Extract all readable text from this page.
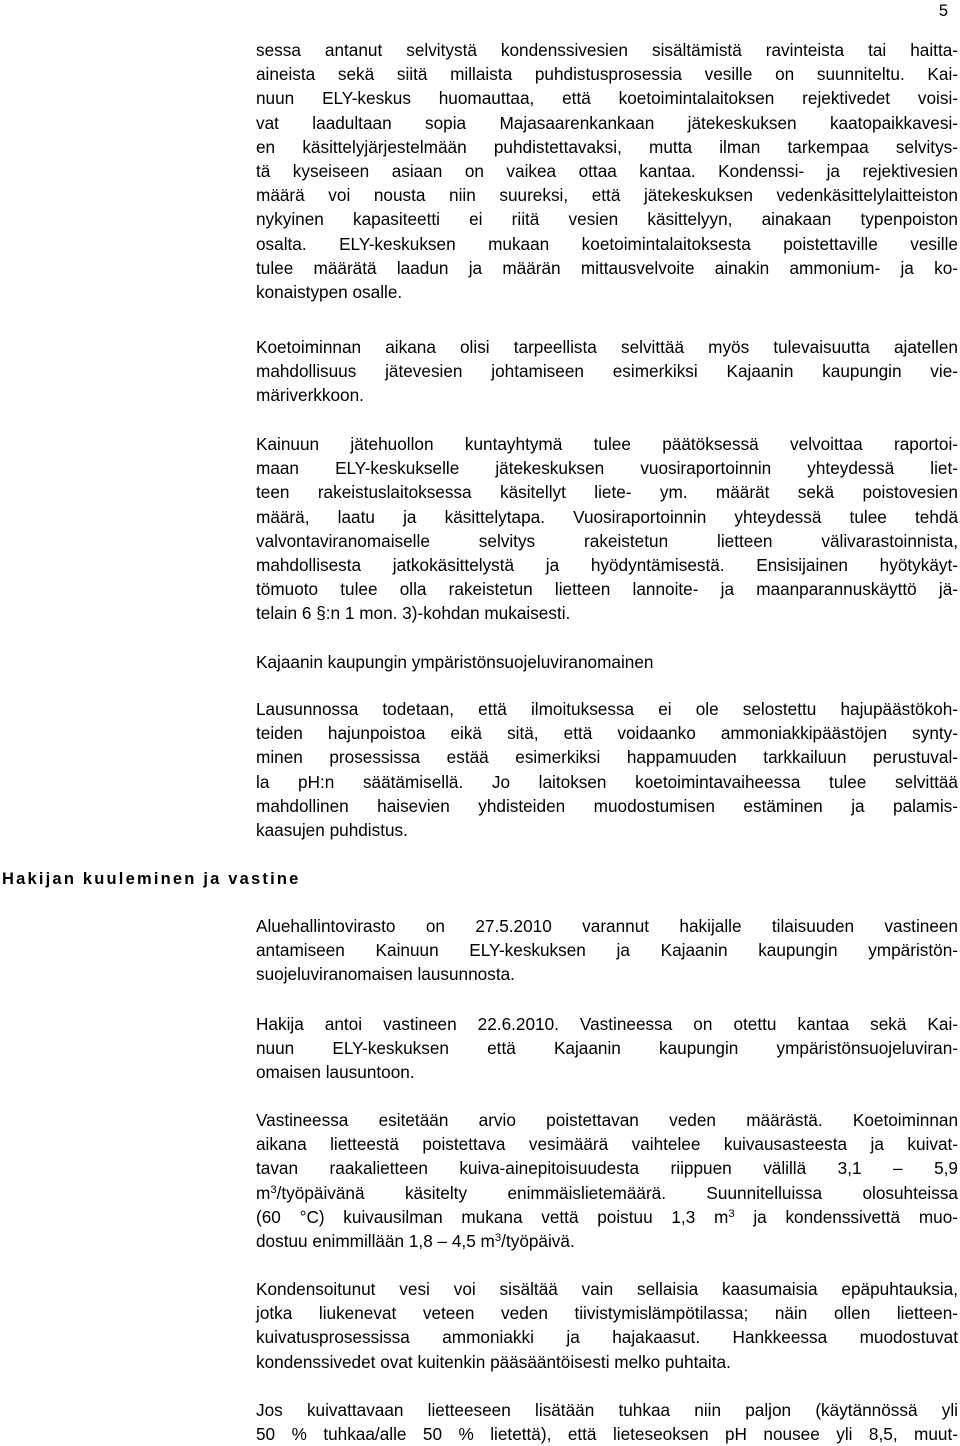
5
Hakijan kuuleminen ja vastine
sessa antanut selvitystä kondenssivesien sisältämistä ravinteista tai haitta-
aineista sekä siitä millaista puhdistusprosessia vesille on suunniteltu. Kai-
nuun ELY-keskus huomauttaa, että koetoimintalaitoksen rejektivedet voisi-
vat laadultaan sopia Majasaarenkankaan jätekeskuksen kaatopaikkavesi-
en käsittelyjärjestelmään puhdistettavaksi, mutta ilman tarkempaa selvitys-
tä kyseiseen asiaan on vaikea ottaa kantaa. Kondenssi- ja rejektivesien
määrä voi nousta niin suureksi, että jätekeskuksen vedenkäsittelylaitteiston
nykyinen kapasiteetti ei riitä vesien käsittelyyn, ainakaan typenpoiston
osalta. ELY-keskuksen mukaan koetoimintalaitoksesta poistettaville vesille
tulee määrätä laadun ja määrän mittausvelvoite ainakin ammonium- ja ko-
konaistypen osalle.
Koetoiminnan aikana olisi tarpeellista selvittää myös tulevaisuutta ajatellen
mahdollisuus jätevesien johtamiseen esimerkiksi Kajaanin kaupungin vie-
märiverkkoon.
Kainuun jätehuollon kuntayhtymä tulee päätöksessä velvoittaa raportoi-
maan ELY-keskukselle jätekeskuksen vuosiraportoinnin yhteydessä liet-
teen rakeistuslaitoksessa käsitellyt liete- ym. määrät sekä poistovesien
määrä, laatu ja käsittelytapa. Vuosiraportoinnin yhteydessä tulee tehdä
valvontaviranomaiselle selvitys rakeistetun lietteen välivarastoinnista,
mahdollisesta jatkokäsittelystä ja hyödyntämisestä. Ensisijainen hyötykäyt-
tömuoto tulee olla rakeistetun lietteen lannoite- ja maanparannuskäyttö jä-
telain 6 §:n 1 mon. 3)-kohdan mukaisesti.
Kajaanin kaupungin ympäristönsuojeluviranomainen
Lausunnossa todetaan, että ilmoituksessa ei ole selostettu hajupäästökoh-
teiden hajunpoistoa eikä sitä, että voidaanko ammoniakkipäästöjen synty-
minen prosessissa estää esimerkiksi happamuuden tarkkailuun perustuval-
la pH:n säätämisellä. Jo laitoksen koetoimintavaiheessa tulee selvittää
mahdollinen haisevien yhdisteiden muodostumisen estäminen ja palamis-
kaasujen puhdistus.
Aluehallintovirasto on 27.5.2010 varannut hakijalle tilaisuuden vastineen
antamiseen Kainuun ELY-keskuksen ja Kajaanin kaupungin ympäristön-
suojeluviranomaisen lausunnosta.
Hakija antoi vastineen 22.6.2010. Vastineessa on otettu kantaa sekä Kai-
nuun ELY-keskuksen että Kajaanin kaupungin ympäristönsuojeluviran-
omaisen lausuntoon.
Vastineessa esitetään arvio poistettavan veden määrästä. Koetoiminnan
aikana lietteestä poistettava vesimäärä vaihtelee kuivausasteesta ja kuivat-
tavan raakalietteen kuiva-ainepitoisuudesta riippuen välillä 3,1 – 5,9
$m^3$/työpäivänä käsitelty enimmäislietemäärä. Suunnitelluissa olosuhteissa
(60 °C) kuivausilman mukana vettä poistuu 1,3 $m^3$ ja kondenssivettä muo-
dostuu enimmillään 1,8 – 4,5 $m^3$/työpäivä.
Kondensoitunut vesi voi sisältää vain sellaisia kaasumaisia epäpuhtauksia,
jotka liukenevat veteen veden tiivistymislämpötilassa; näin ollen lietteen-
kuivatusprosessissa ammoniakki ja hajakaasut. Hankkeessa muodostuvat
kondenssivedet ovat kuitenkin pääsääntöisesti melko puhtaita.
Jos kuivattavaan lietteeseen lisätään tuhkaa niin paljon (käytännössä yli
50 % tuhkaa/alle 50 % lietettä), että lieteseoksen pH nousee yli 8,5, muut-
